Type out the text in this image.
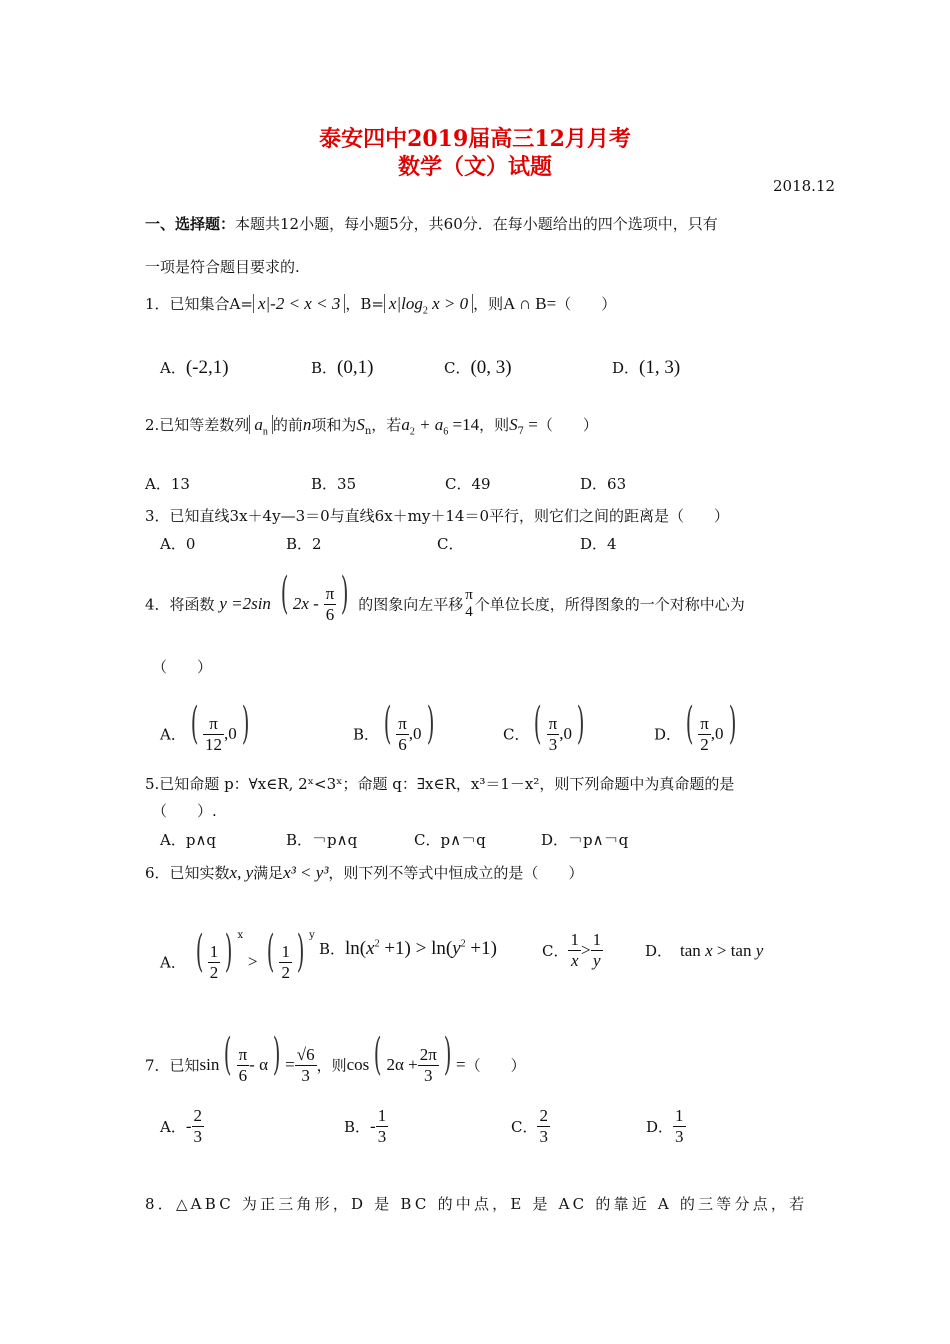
泰安四中2019届高三12月月考
数学（文）试题
2018.12
一、选择题：本题共12小题，每小题5分，共60分．在每小题给出的四个选项中，只有
一项是符合题目要求的.
1．已知集合A= x|-2 < x < 3 ，$B= x|\log_2$ x > 0 ，则A ∩ B=（　　）
A．(-2,1)	B．(0,1)	C．(0, 3)	D．(1, 3)
2.已知等差数列 $a_n$ 的前n项和为$S_n$，若$a_2 + a_6 =14$，则$S_7$ =（　　）
A．13	B．35	C．49	D．63
3．已知直线3x＋4y—3＝0与直线6x＋my＋14＝0平行，则它们之间的距离是（　　）
A．0	B．2	C．	D．4
4．将函数 y =2sin ( $2x - \frac{\pi}{6}$ ) 的图象向左平移
π
4 个单位长度，所得图象的一个对称中心为
（　　）
A． ( $\frac{\pi}{12} ,0$ )	B． ( $\frac{\pi}{6} ,0$ )	C． ( $\frac{\pi}{3} ,0$ )	D． ( $\frac{\pi}{2} ,0$ )
5.已知命题 p：∀x∈R, 2ˣ<3ˣ；命题 q：∃x∈R，x³＝1－x²，则下列命题中为真命题的是
（　　）.
A．p∧q	B．￢p∧q	C．p∧￢q	D．￢p∧￢q
6．已知实数x, y满足x³ < y³，则下列不等式中恒成立的是（　　）
A． ( $\frac{1}{2}$ ) $^x$ > ( $\frac{1}{2}$ ) $^y$
B．$\ln(x^2 +1) > \ln(y^2 +1)$	C． $\frac{1}{x} > \frac{1}{y}$	D． tan x > tan y
7．已知sin ( $\frac{\pi}{6}$ - α ) = $\frac{√6}{3}$ ，则cos ( $2\alpha + \frac{2\pi}{3}$ ) =（　　）
A．- $\frac{2}{3}$	B．- $\frac{1}{3}$	C． $\frac{2}{3}$	D． $\frac{1}{3}$
8．△ABC 为正三角形，D 是 BC 的中点，E 是 AC 的靠近 A 的三等分点，若
